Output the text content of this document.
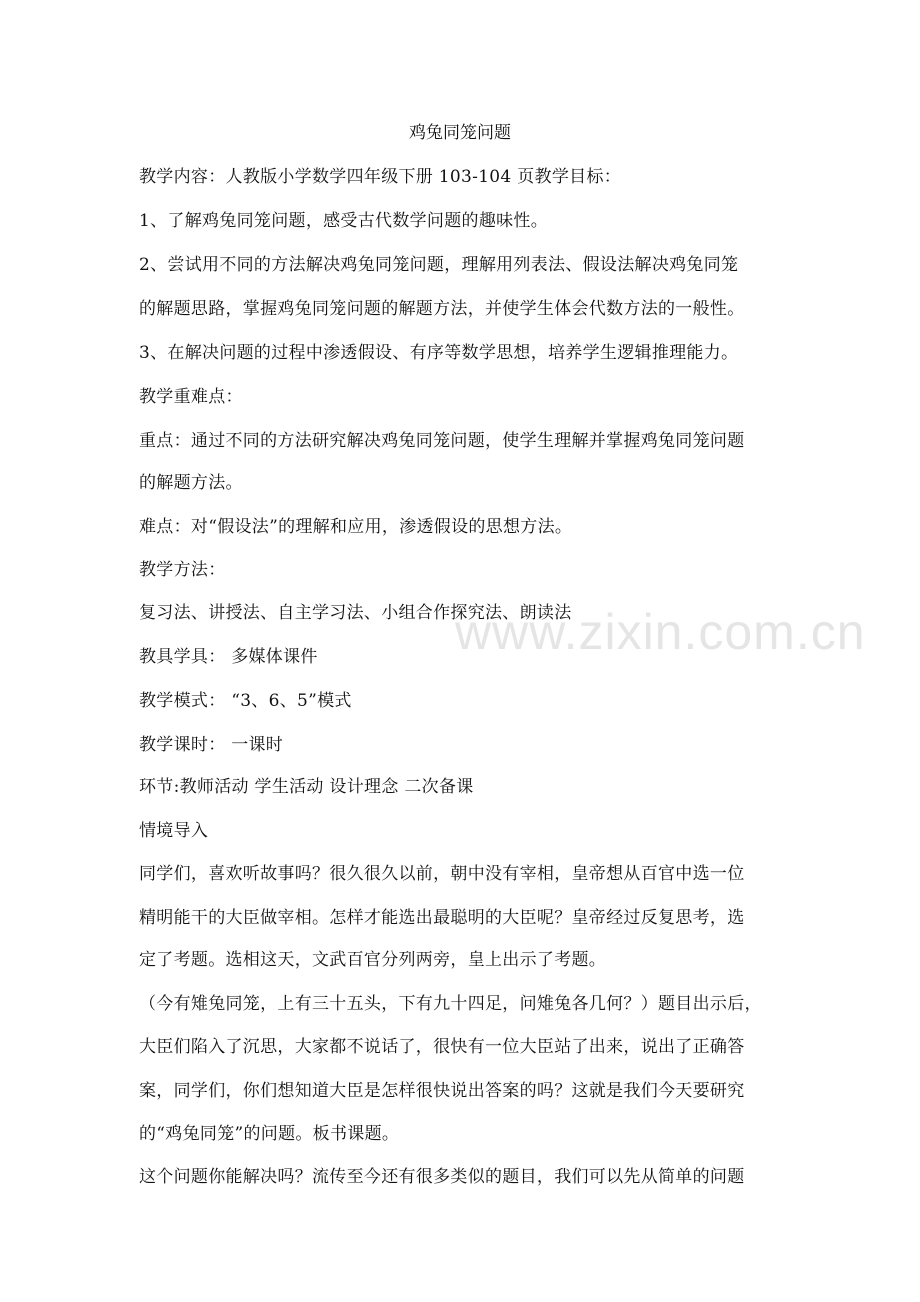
鸡兔同笼问题
教学内容：人教版小学数学四年级下册 103-104 页教学目标：
1、了解鸡兔同笼问题，感受古代数学问题的趣味性。
2、尝试用不同的方法解决鸡兔同笼问题，理解用列表法、假设法解决鸡兔同笼
的解题思路，掌握鸡兔同笼问题的解题方法，并使学生体会代数方法的一般性。
3、在解决问题的过程中渗透假设、有序等数学思想，培养学生逻辑推理能力。
教学重难点：
重点：通过不同的方法研究解决鸡兔同笼问题，使学生理解并掌握鸡兔同笼问题
的解题方法。
难点：对“假设法”的理解和应用，渗透假设的思想方法。
教学方法：
复习法、讲授法、自主学习法、小组合作探究法、朗读法
教具学具： 多媒体课件
教学模式： “3、6、5”模式
教学课时： 一课时
环节:教师活动 学生活动 设计理念 二次备课
情境导入
同学们，喜欢听故事吗？很久很久以前，朝中没有宰相，皇帝想从百官中选一位
精明能干的大臣做宰相。怎样才能选出最聪明的大臣呢？皇帝经过反复思考，选
定了考题。选相这天，文武百官分列两旁，皇上出示了考题。
（今有雉兔同笼，上有三十五头，下有九十四足，问雉兔各几何？）题目出示后，
大臣们陷入了沉思，大家都不说话了，很快有一位大臣站了出来，说出了正确答
案，同学们，你们想知道大臣是怎样很快说出答案的吗？这就是我们今天要研究
的“鸡兔同笼”的问题。板书课题。
这个问题你能解决吗？流传至今还有很多类似的题目，我们可以先从简单的问题
www.zixin.com.cn
